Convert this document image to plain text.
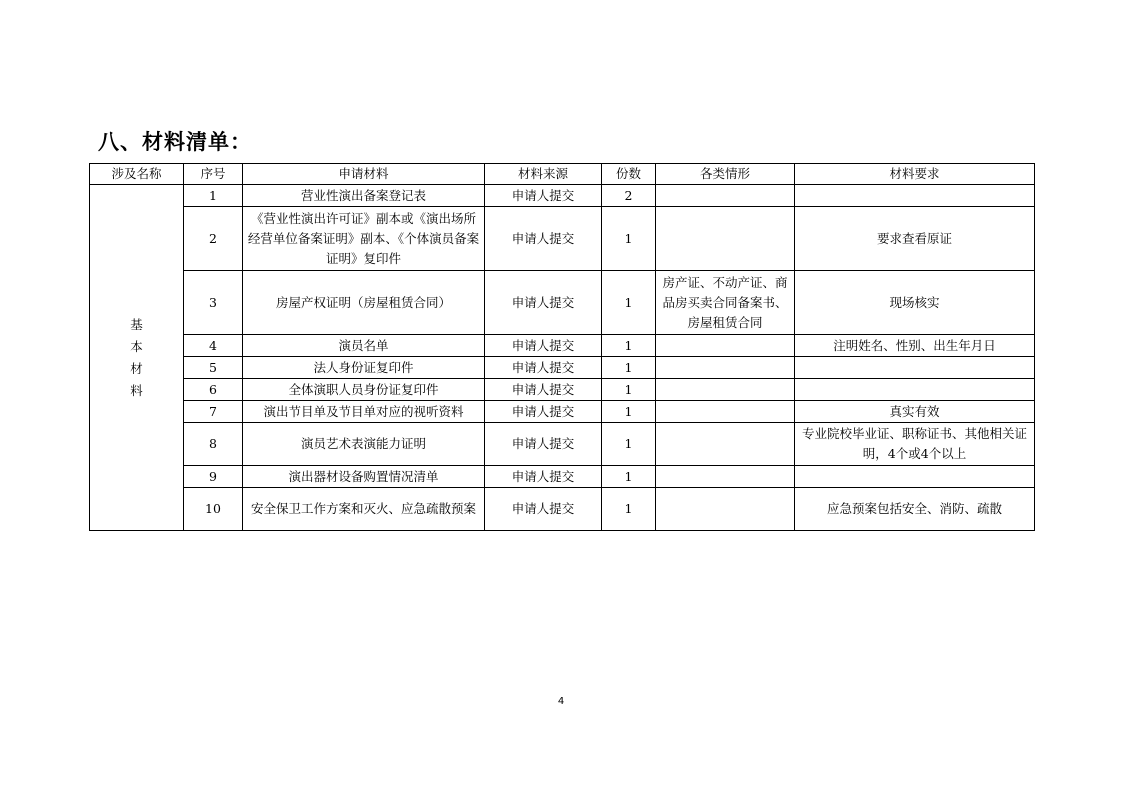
八、材料清单：
涉及名称	序号	申请材料	材料来源	份数	各类情形	材料要求
基本材料	1	营业性演出备案登记表	申请人提交	2		
	2	《营业性演出许可证》副本或《演出场所经营单位备案证明》副本、《个体演员备案证明》复印件	申请人提交	1		要求查看原证
	3	房屋产权证明（房屋租赁合同）	申请人提交	1	房产证、不动产证、商品房买卖合同备案书、房屋租赁合同	现场核实
	4	演员名单	申请人提交	1		注明姓名、性别、出生年月日
	5	法人身份证复印件	申请人提交	1		
	6	全体演职人员身份证复印件	申请人提交	1		
	7	演出节目单及节目单对应的视听资料	申请人提交	1		真实有效
	8	演员艺术表演能力证明	申请人提交	1		专业院校毕业证、职称证书、其他相关证明，4个或4个以上
	9	演出器材设备购置情况清单	申请人提交	1		
	10	安全保卫工作方案和灭火、应急疏散预案	申请人提交	1		应急预案包括安全、消防、疏散
4
